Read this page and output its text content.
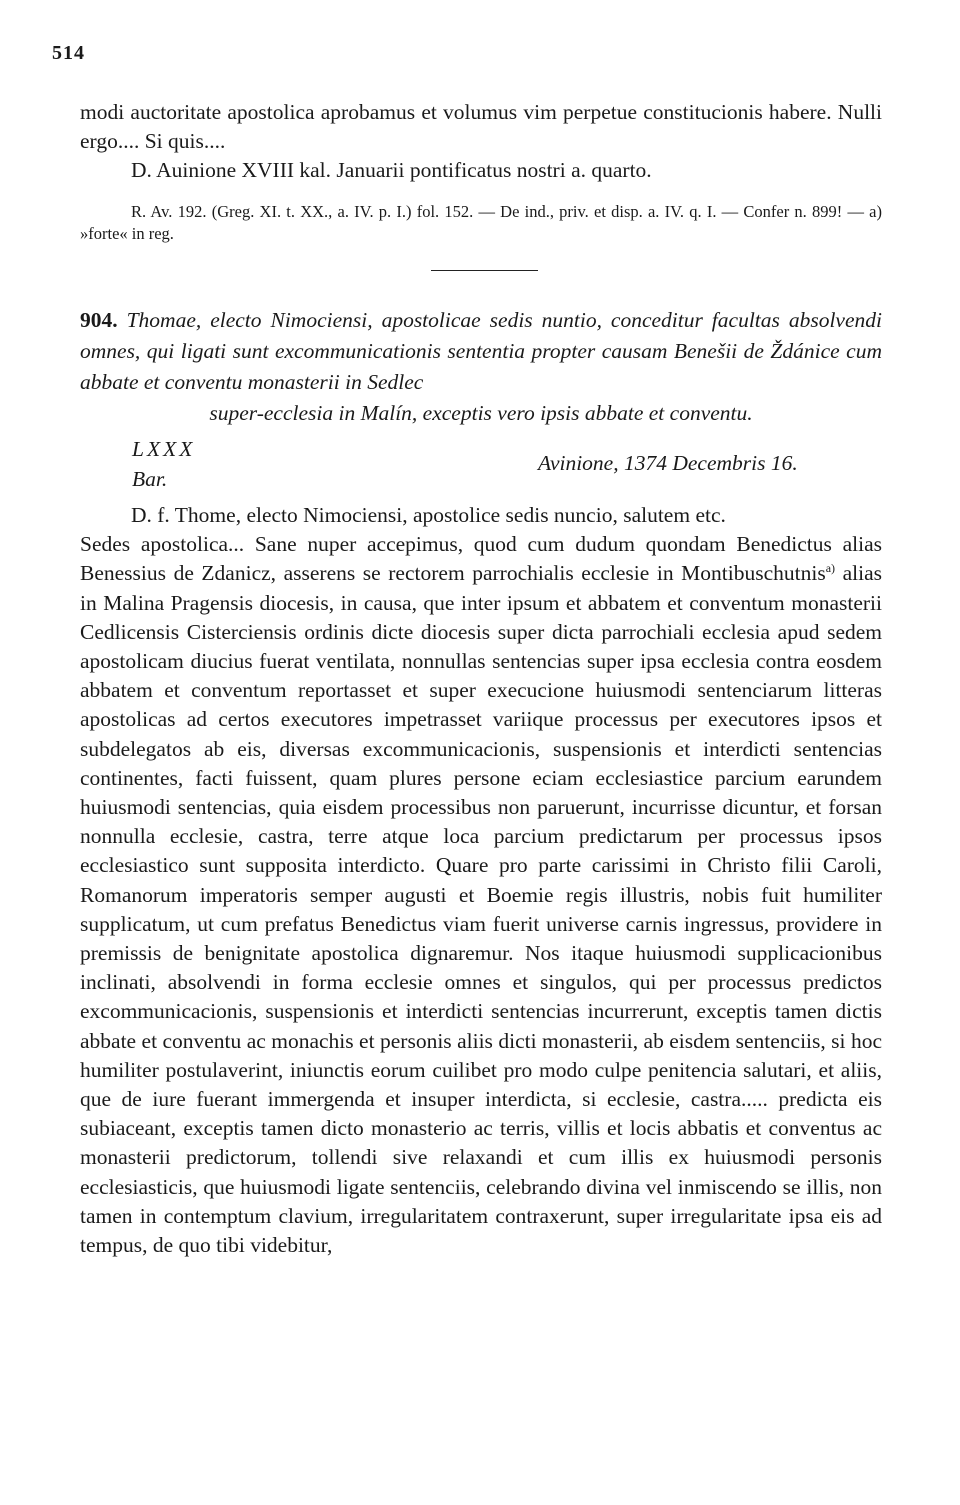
514

modi auctoritate apostolica aprobamus et volumus vim perpetue constitucionis habere. Nulli ergo.... Si quis....

D. Auinione XVIII kal. Januarii pontificatus nostri a. quarto.

R. Av. 192. (Greg. XI. t. XX., a. IV. p. I.) fol. 152. — De ind., priv. et disp. a. IV. q. I. — Confer n. 899! — a) »forte« in reg.

904. Thomae, electo Nimociensi, apostolicae sedis nuntio, conceditur facultas absolvendi omnes, qui ligati sunt excommunicationis sententia propter causam Benešii de Ždánice cum abbate et conventu monasterii in Sedlec
super-ecclesia in Malín, exceptis vero ipsis abbate et conventu.

LXXX
Bar.
Avinione, 1374 Decembris 16.

D. f. Thome, electo Nimociensi, apostolice sedis nuncio, salutem etc.

Sedes apostolica... Sane nuper accepimus, quod cum dudum quondam Benedictus alias Benessius de Zdanicz, asserens se rectorem parrochialis ecclesie in Montibuschutnis$^{a)}$ alias in Malina Pragensis diocesis, in causa, que inter ipsum et abbatem et conventum monasterii Cedlicensis Cisterciensis ordinis dicte diocesis super dicta parrochiali ecclesia apud sedem apostolicam diucius fuerat ventilata, nonnullas sentencias super ipsa ecclesia contra eosdem abbatem et conventum reportasset et super execucione huiusmodi sentenciarum litteras apostolicas ad certos executores impetrasset variique processus per executores ipsos et subdelegatos ab eis, diversas excommunicacionis, suspensionis et interdicti sentencias continentes, facti fuissent, quam plures persone eciam ecclesiastice parcium earundem huiusmodi sentencias, quia eisdem processibus non paruerunt, incurrisse dicuntur, et forsan nonnulla ecclesie, castra, terre atque loca parcium predictarum per processus ipsos ecclesiastico sunt supposita interdicto. Quare pro parte carissimi in Christo filii Caroli, Romanorum imperatoris semper augusti et Boemie regis illustris, nobis fuit humiliter supplicatum, ut cum prefatus Benedictus viam fuerit universe carnis ingressus, providere in premissis de benignitate apostolica dignaremur. Nos itaque huiusmodi supplicacionibus inclinati, absolvendi in forma ecclesie omnes et singulos, qui per processus predictos excommunicacionis, suspensionis et interdicti sentencias incurrerunt, exceptis tamen dictis abbate et conventu ac monachis et personis aliis dicti monasterii, ab eisdem sentenciis, si hoc humiliter postulaverint, iniunctis eorum cuilibet pro modo culpe penitencia salutari, et aliis, que de iure fuerant immergenda et insuper interdicta, si ecclesie, castra..... predicta eis subiaceant, exceptis tamen dicto monasterio ac terris, villis et locis abbatis et conventus ac monasterii predictorum, tollendi sive relaxandi et cum illis ex huiusmodi personis ecclesiasticis, que huiusmodi ligate sentenciis, celebrando divina vel inmiscendo se illis, non tamen in contemptum clavium, irregularitatem contraxerunt, super irregularitate ipsa eis ad tempus, de quo tibi videbitur,
